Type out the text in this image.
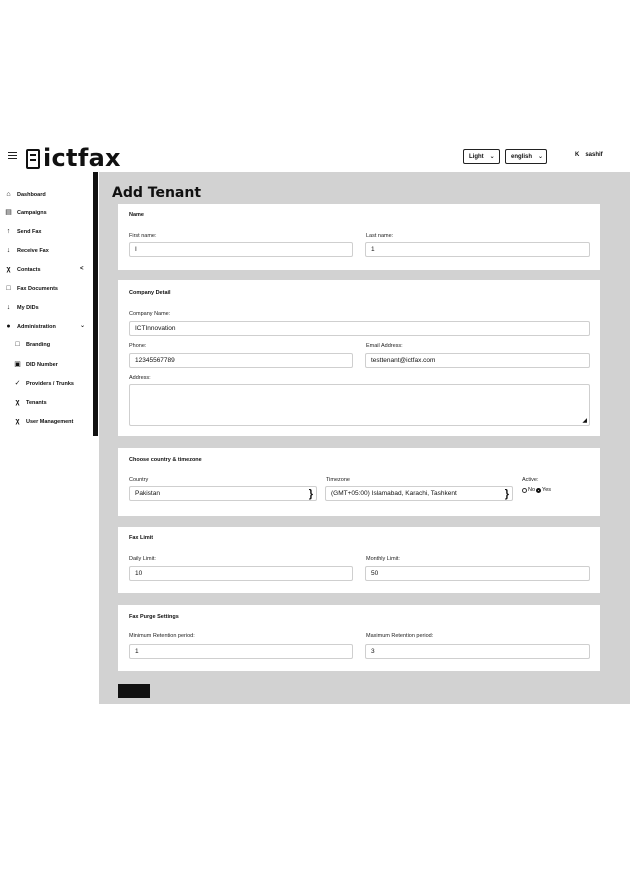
ictfax	Light ⌄	english ⌄	K sashif
⌂ Dashboard
▤ Campaigns
↑	Send Fax
↓	Receive Fax
χ Contacts	<
□ Fax Documents
↓	My DIDs
● Administration	⌄
□ Branding
▣ DID Number
✓ Providers / Trunks
χ Tenants
χ User Management
Add Tenant
Name
First name:
I
Last name:
1
Company Detail
Company Name:
ICTInnovation
Phone:
12345567789
Email Address:
testtenant@ictfax.com
Address:
◢
Choose country & timezone
Country
Pakistan	}
Timezone
(GMT+05:00) Islamabad, Karachi, Tashkent	}
Active:
No Yes
Fax Limit
Daily Limit:
10
Monthly Limit:
50
Fax Purge Settings
Minimum Retention period:
1
Maximum Retention period:
3
